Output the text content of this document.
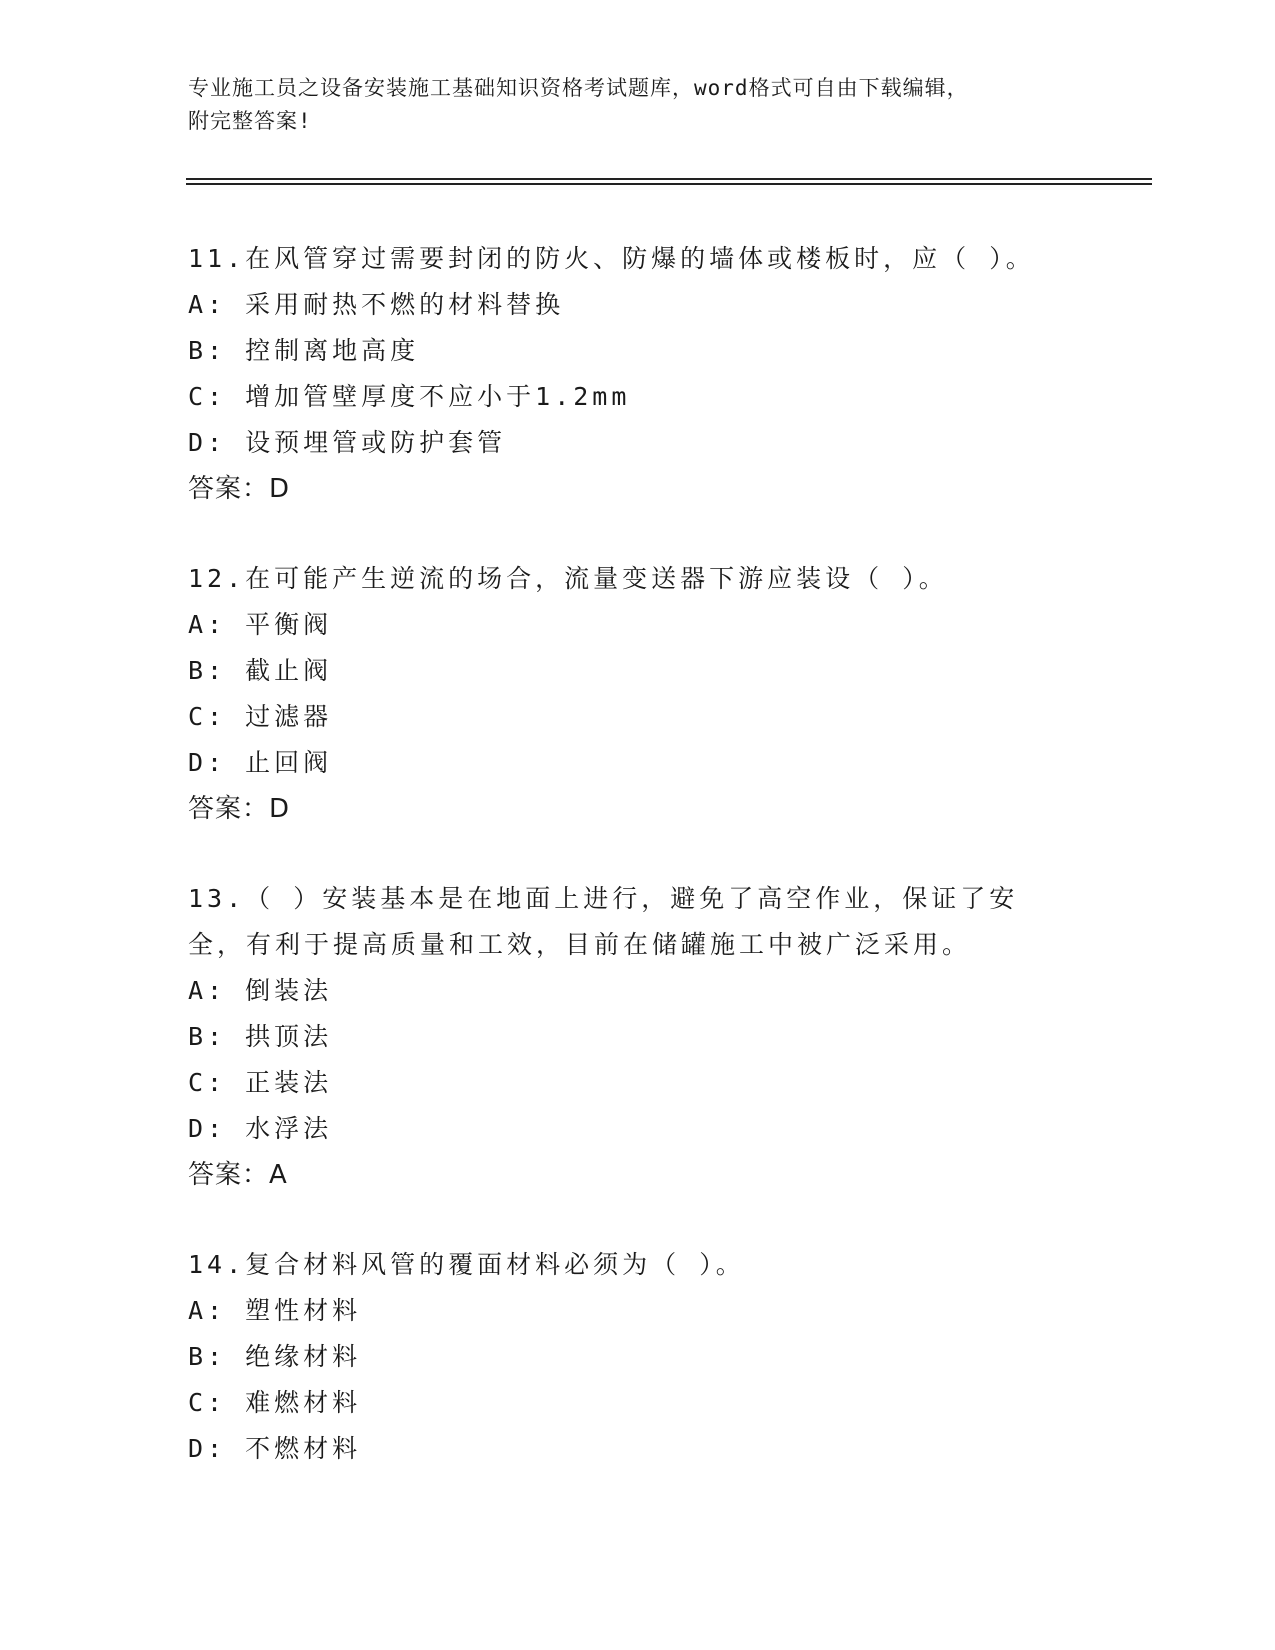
专业施工员之设备安装施工基础知识资格考试题库，word格式可自由下载编辑，
附完整答案!
11.在风管穿过需要封闭的防火、防爆的墙体或楼板时，应（ ）。
A: 采用耐热不燃的材料替换
B: 控制离地高度
C: 增加管壁厚度不应小于1.2mm
D: 设预埋管或防护套管
答案：D
12.在可能产生逆流的场合，流量变送器下游应装设（ ）。
A: 平衡阀
B: 截止阀
C: 过滤器
D: 止回阀
答案：D
13.（ ）安装基本是在地面上进行，避免了高空作业，保证了安全，有利于提高质量和工效，目前在储罐施工中被广泛采用。
A: 倒装法
B: 拱顶法
C: 正装法
D: 水浮法
答案：A
14.复合材料风管的覆面材料必须为（ ）。
A: 塑性材料
B: 绝缘材料
C: 难燃材料
D: 不燃材料
